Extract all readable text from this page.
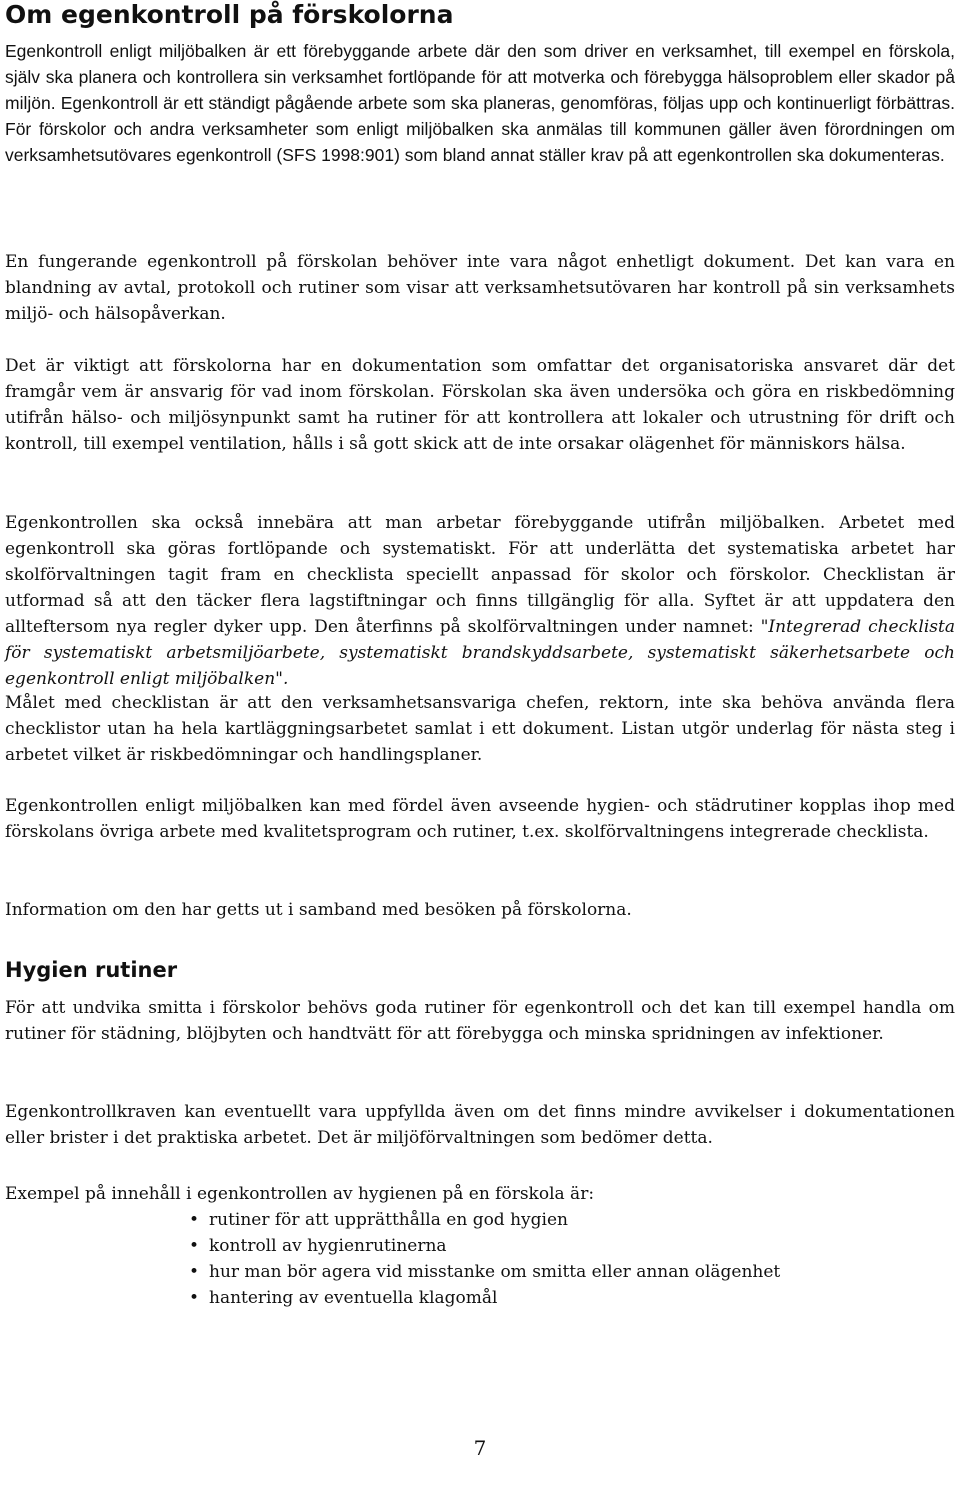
Om egenkontroll på förskolorna

Egenkontroll enligt miljöbalken är ett förebyggande arbete där den som driver en verksamhet, till exempel en förskola, själv ska planera och kontrollera sin verksamhet fortlöpande för att motverka och förebygga hälsoproblem eller skador på miljön. Egenkontroll är ett ständigt pågående arbete som ska planeras, genomföras, följas upp och kontinuerligt förbättras. För förskolor och andra verksamheter som enligt miljöbalken ska anmälas till kommunen gäller även förordningen om verksamhetsutövares egenkontroll (SFS 1998:901) som bland annat ställer krav på att egenkontrollen ska dokumenteras.

En fungerande egenkontroll på förskolan behöver inte vara något enhetligt dokument. Det kan vara en blandning av avtal, protokoll och rutiner som visar att verksamhetsutövaren har kontroll på sin verksamhets miljö- och hälsopåverkan.

Det är viktigt att förskolorna har en dokumentation som omfattar det organisatoriska ansvaret där det framgår vem är ansvarig för vad inom förskolan. Förskolan ska även undersöka och göra en riskbedömning utifrån hälso- och miljösynpunkt samt ha rutiner för att kontrollera att lokaler och utrustning för drift och kontroll, till exempel ventilation, hålls i så gott skick att de inte orsakar olägenhet för människors hälsa.

Egenkontrollen ska också innebära att man arbetar förebyggande utifrån miljöbalken. Arbetet med egenkontroll ska göras fortlöpande och systematiskt. För att underlätta det systematiska arbetet har skolförvaltningen tagit fram en checklista speciellt anpassad för skolor och förskolor. Checklistan är utformad så att den täcker flera lagstiftningar och finns tillgänglig för alla. Syftet är att uppdatera den allteftersom nya regler dyker upp. Den återfinns på skolförvaltningen under namnet: "Integrerad checklista för systematiskt arbetsmiljöarbete, systematiskt brandskyddsarbete, systematiskt säkerhetsarbete och egenkontroll enligt miljöbalken".

Målet med checklistan är att den verksamhetsansvariga chefen, rektorn, inte ska behöva använda flera checklistor utan ha hela kartläggningsarbetet samlat i ett dokument. Listan utgör underlag för nästa steg i arbetet vilket är riskbedömningar och handlingsplaner.

Egenkontrollen enligt miljöbalken kan med fördel även avseende hygien- och städrutiner kopplas ihop med förskolans övriga arbete med kvalitetsprogram och rutiner, t.ex. skolförvaltningens integrerade checklista.

Information om den har getts ut i samband med besöken på förskolorna.

Hygien rutiner

För att undvika smitta i förskolor behövs goda rutiner för egenkontroll och det kan till exempel handla om rutiner för städning, blöjbyten och handtvätt för att förebygga och minska spridningen av infektioner.

Egenkontrollkraven kan eventuellt vara uppfyllda även om det finns mindre avvikelser i dokumentationen eller brister i det praktiska arbetet. Det är miljöförvaltningen som bedömer detta.

Exempel på innehåll i egenkontrollen av hygienen på en förskola är:

• rutiner för att upprätthålla en god hygien
• kontroll av hygienrutinerna
• hur man bör agera vid misstanke om smitta eller annan olägenhet
• hantering av eventuella klagomål
7
